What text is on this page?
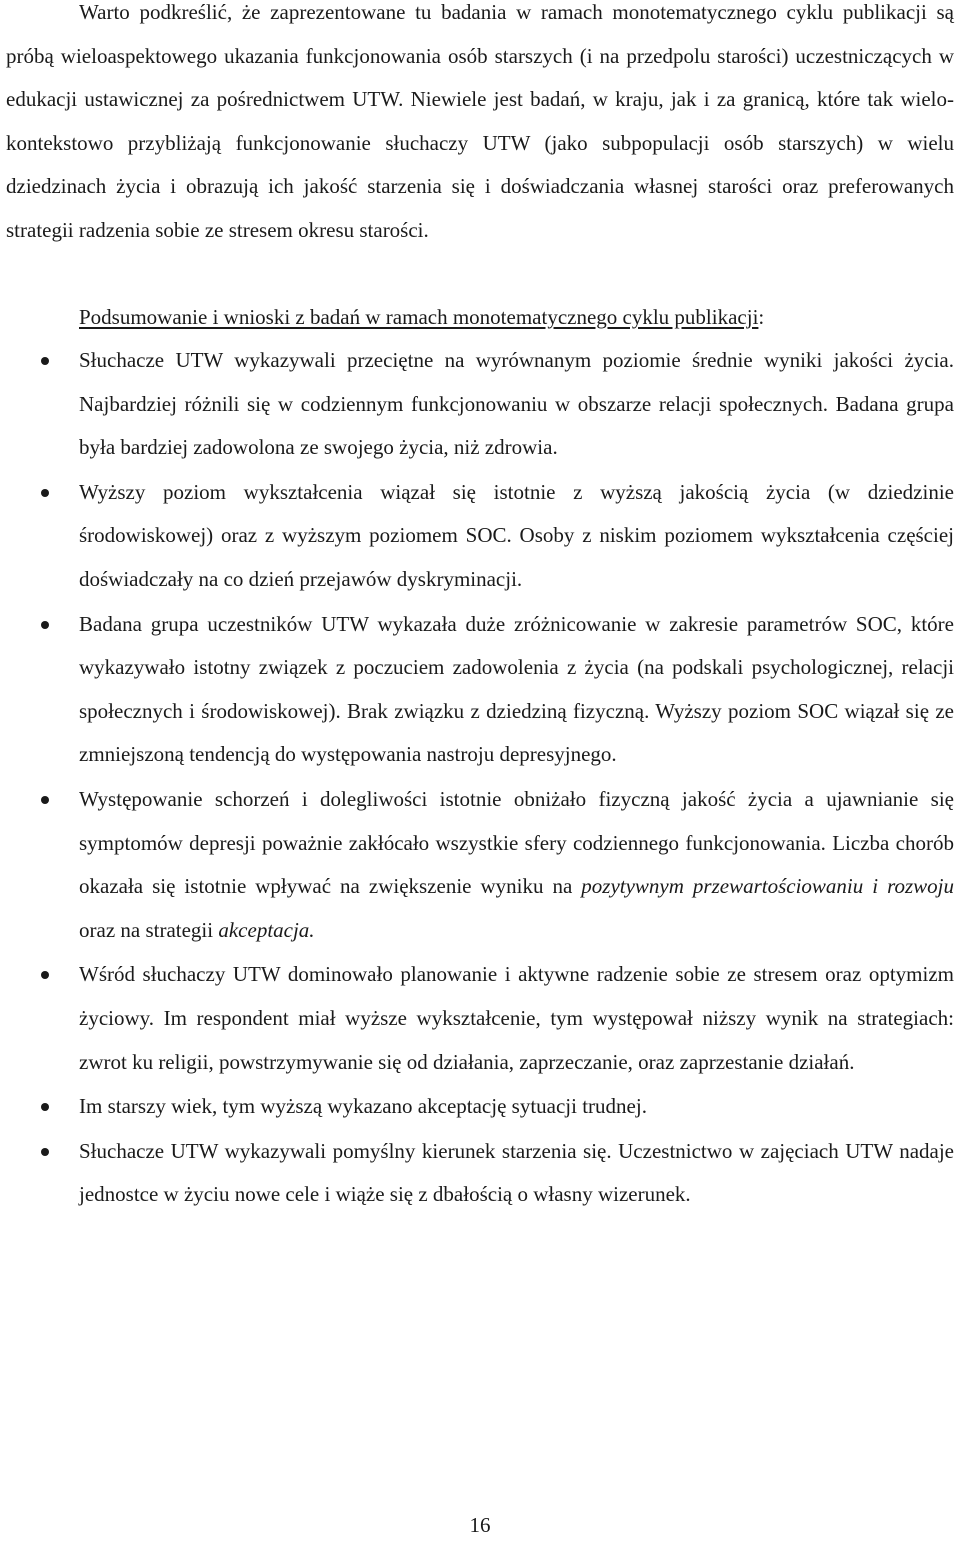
Warto podkreślić, że zaprezentowane tu badania w ramach monotematycznego cyklu publikacji są próbą wieloaspektowego ukazania funkcjonowania osób starszych (i na przedpolu starości) uczestniczących w edukacji ustawicznej za pośrednictwem UTW. Niewiele jest badań, w kraju, jak i za granicą, które tak wielo-kontekstowo przybliżają funkcjonowanie słuchaczy UTW (jako subpopulacji osób starszych) w wielu dziedzinach życia i obrazują ich jakość starzenia się i doświadczania własnej starości oraz preferowanych strategii radzenia sobie ze stresem okresu starości.

Podsumowanie i wnioski z badań w ramach monotematycznego cyklu publikacji:

Słuchacze UTW wykazywali przeciętne na wyrównanym poziomie średnie wyniki jakości życia. Najbardziej różnili się w codziennym funkcjonowaniu w obszarze relacji społecznych. Badana grupa była bardziej zadowolona ze swojego życia, niż zdrowia.
Wyższy poziom wykształcenia wiązał się istotnie z wyższą jakością życia (w dziedzinie środowiskowej) oraz z wyższym poziomem SOC. Osoby z niskim poziomem wykształcenia częściej doświadczały na co dzień przejawów dyskryminacji.
Badana grupa uczestników UTW wykazała duże zróżnicowanie w zakresie parametrów SOC, które wykazywało istotny związek z poczuciem zadowolenia z życia (na podskali psychologicznej, relacji społecznych i środowiskowej). Brak związku z dziedziną fizyczną. Wyższy poziom SOC wiązał się ze zmniejszoną tendencją do występowania nastroju depresyjnego.
Występowanie schorzeń i dolegliwości istotnie obniżało fizyczną jakość życia a ujawnianie się symptomów depresji poważnie zakłócało wszystkie sfery codziennego funkcjonowania. Liczba chorób okazała się istotnie wpływać na zwiększenie wyniku na pozytywnym przewartościowaniu i rozwoju oraz na strategii akceptacja.
Wśród słuchaczy UTW dominowało planowanie i aktywne radzenie sobie ze stresem oraz optymizm życiowy. Im respondent miał wyższe wykształcenie, tym występował niższy wynik na strategiach: zwrot ku religii, powstrzymywanie się od działania, zaprzeczanie, oraz zaprzestanie działań.
Im starszy wiek, tym wyższą wykazano akceptację sytuacji trudnej.
Słuchacze UTW wykazywali pomyślny kierunek starzenia się. Uczestnictwo w zajęciach UTW nadaje jednostce w życiu nowe cele i wiąże się z dbałością o własny wizerunek.

16
